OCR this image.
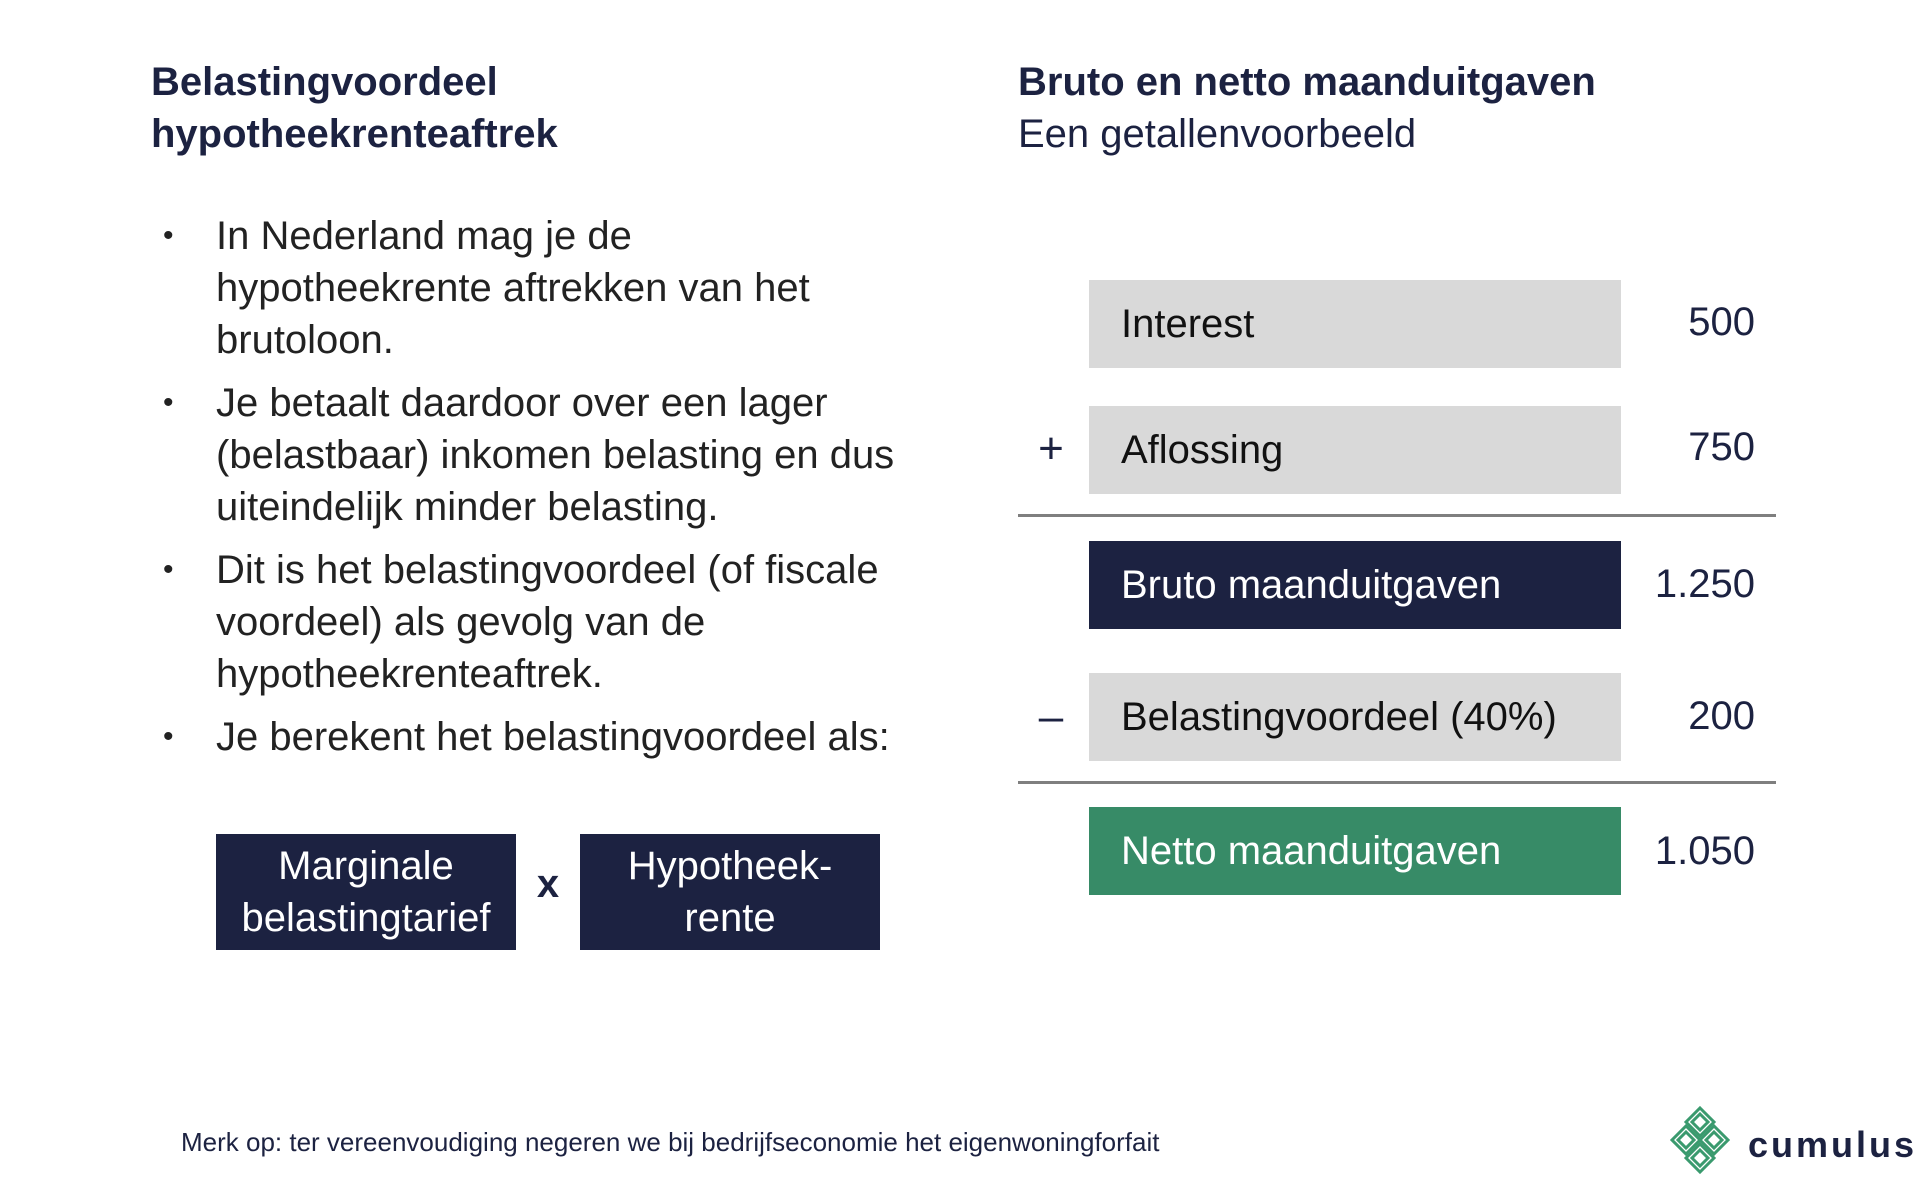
Belastingvoordeel
hypotheekrenteaftrek
• In Nederland mag je de hypotheekrente aftrekken van het brutoloon.
• Je betaalt daardoor over een lager (belastbaar) inkomen belasting en dus uiteindelijk minder belasting.
• Dit is het belastingvoordeel (of fiscale voordeel) als gevolg van de hypotheekrenteaftrek.
• Je berekent het belastingvoordeel als:
Marginale
belastingtarief
x	Hypotheek-
rente
Bruto en netto maanduitgaven
Een getallenvoorbeeld
Interest	500
+ Aflossing	750
Bruto maanduitgaven	1.250
– Belastingvoordeel (40%)	200
Netto maanduitgaven	1.050
Merk op: ter vereenvoudiging negeren we bij bedrijfseconomie het eigenwoningforfait	cumulus
